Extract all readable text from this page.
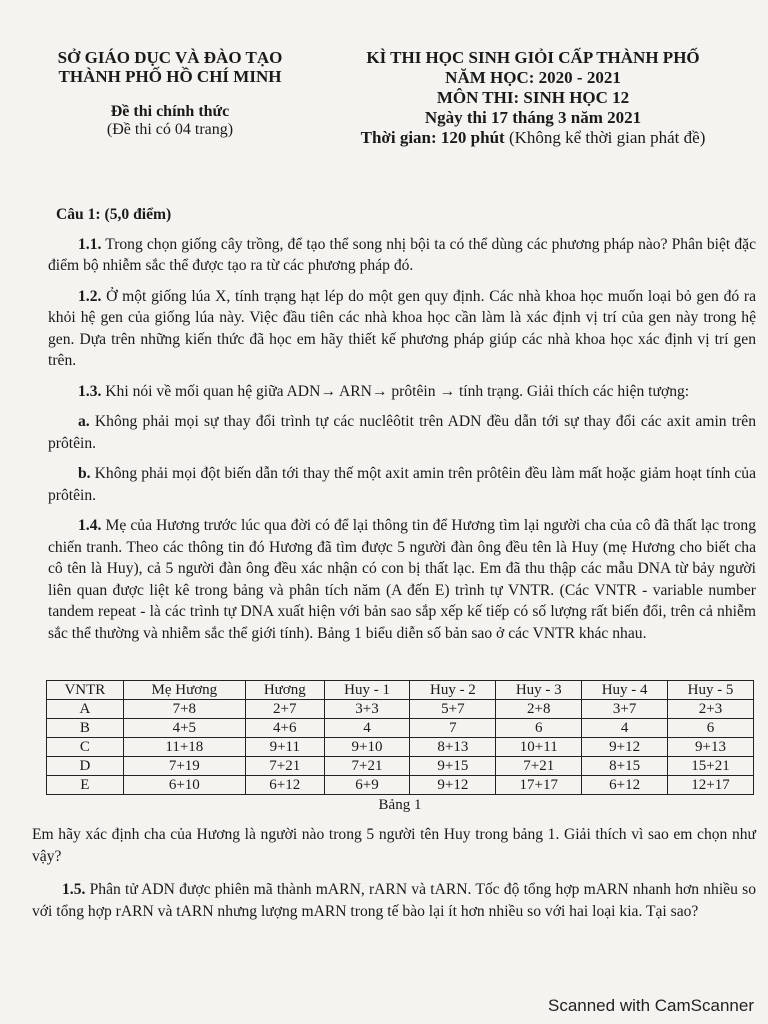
SỞ GIÁO DỤC VÀ ĐÀO TẠO
THÀNH PHỐ HỒ CHÍ MINH
Đề thi chính thức
(Đề thi có 04 trang)
KÌ THI HỌC SINH GIỎI CẤP THÀNH PHỐ
NĂM HỌC: 2020 - 2021
MÔN THI: SINH HỌC 12
Ngày thi 17 tháng 3 năm 2021
Thời gian: 120 phút (Không kể thời gian phát đề)
Câu 1: (5,0 điểm)

1.1. Trong chọn giống cây trồng, để tạo thể song nhị bội ta có thể dùng các phương pháp nào? Phân biệt đặc điểm bộ nhiễm sắc thể được tạo ra từ các phương pháp đó.

1.2. Ở một giống lúa X, tính trạng hạt lép do một gen quy định. Các nhà khoa học muốn loại bỏ gen đó ra khỏi hệ gen của giống lúa này. Việc đầu tiên các nhà khoa học cần làm là xác định vị trí của gen này trong hệ gen. Dựa trên những kiến thức đã học em hãy thiết kế phương pháp giúp các nhà khoa học xác định vị trí gen trên.

1.3. Khi nói về mối quan hệ giữa ADN→ ARN→ prôtêin → tính trạng. Giải thích các hiện tượng:

a. Không phải mọi sự thay đổi trình tự các nuclêôtit trên ADN đều dẫn tới sự thay đổi các axit amin trên prôtêin.

b. Không phải mọi đột biến dẫn tới thay thế một axit amin trên prôtêin đều làm mất hoặc giảm hoạt tính của prôtêin.

1.4. Mẹ của Hương trước lúc qua đời có để lại thông tin để Hương tìm lại người cha của cô đã thất lạc trong chiến tranh. Theo các thông tin đó Hương đã tìm được 5 người đàn ông đều tên là Huy (mẹ Hương cho biết cha cô tên là Huy), cả 5 người đàn ông đều xác nhận có con bị thất lạc. Em đã thu thập các mẫu DNA từ bảy người liên quan được liệt kê trong bảng và phân tích năm (A đến E) trình tự VNTR. (Các VNTR - variable number tandem repeat - là các trình tự DNA xuất hiện với bản sao sắp xếp kế tiếp có số lượng rất biến đổi, trên cả nhiễm sắc thể thường và nhiễm sắc thể giới tính). Bảng 1 biểu diễn số bản sao ở các VNTR khác nhau.

VNTR	Mẹ Hương	Hương	Huy - 1	Huy - 2	Huy - 3	Huy - 4	Huy - 5
A	7+8	2+7	3+3	5+7	2+8	3+7	2+3
B	4+5	4+6	4	7	6	4	6
C	11+18	9+11	9+10	8+13	10+11	9+12	9+13
D	7+19	7+21	7+21	9+15	7+21	8+15	15+21
E	6+10	6+12	6+9	9+12	17+17	6+12	12+17
Bảng 1

Em hãy xác định cha của Hương là người nào trong 5 người tên Huy trong bảng 1. Giải thích vì sao em chọn như vậy?

1.5. Phân tử ADN được phiên mã thành mARN, rARN và tARN. Tốc độ tổng hợp mARN nhanh hơn nhiều so với tổng hợp rARN và tARN nhưng lượng mARN trong tế bào lại ít hơn nhiều so với hai loại kia. Tại sao?

Scanned with CamScanner
